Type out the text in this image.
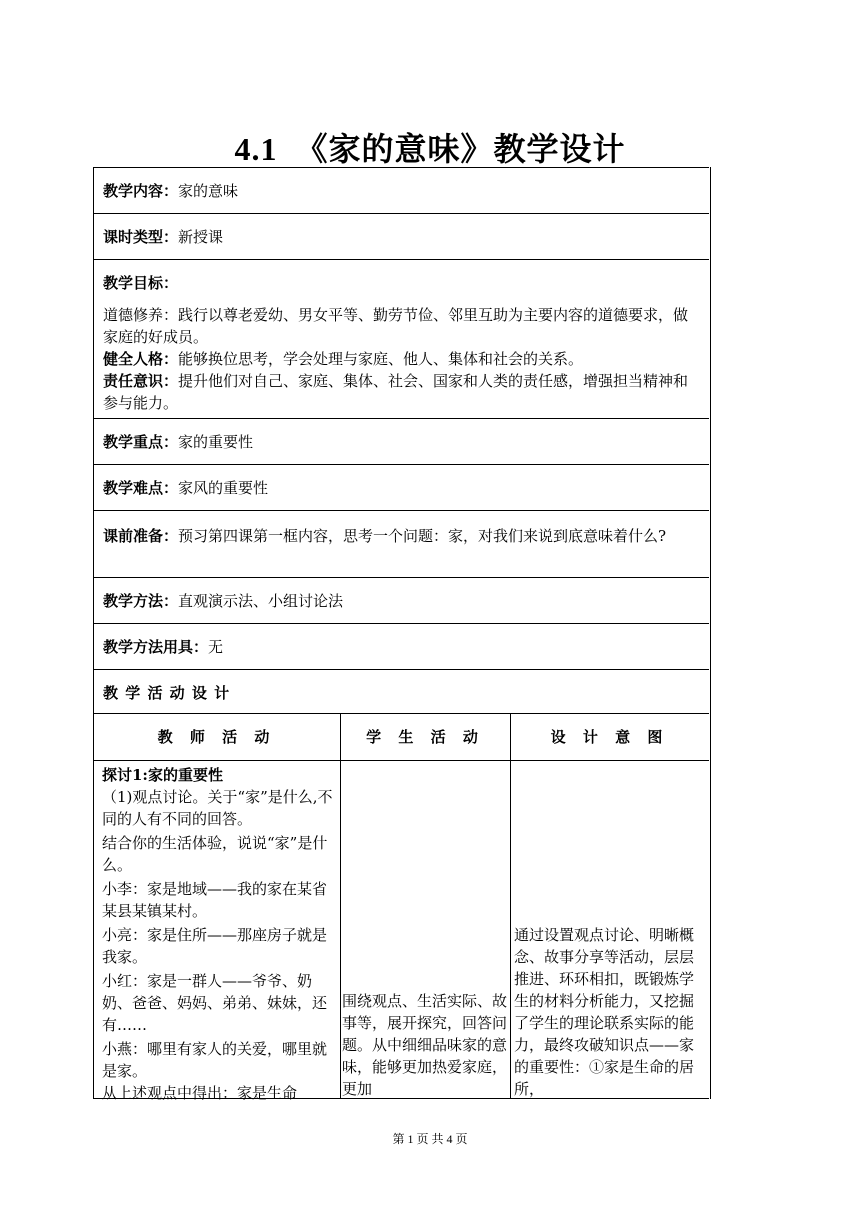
4.1 《家的意味》教学设计
教学内容：家的意味
课时类型：新授课
教学目标：
道德修养：践行以尊老爱幼、男女平等、勤劳节俭、邻里互助为主要内容的道德要求，做家庭的好成员。
健全人格：能够换位思考，学会处理与家庭、他人、集体和社会的关系。
责任意识：提升他们对自己、家庭、集体、社会、国家和人类的责任感，增强担当精神和参与能力。
教学重点：家的重要性
教学难点：家风的重要性
课前准备：预习第四课第一框内容，思考一个问题：家，对我们来说到底意味着什么?
教学方法：直观演示法、小组讨论法
教学方法用具：无
教 学 活 动 设 计
教 师 活 动	学 生 活 动	设 计 意 图

探讨1:家的重要性

（1)观点讨论。关于“家”是什么,不同的人有不同的回答。

结合你的生活体验，说说“家”是什么。

小李：家是地域——我的家在某省某县某镇某村。

小亮：家是住所——那座房子就是我家。

小红：家是一群人——爷爷、奶奶、爸爸、妈妈、弟弟、妹妹，还有……

小燕：哪里有家人的关爱，哪里就是家。

从上述观点中得出：家是生命

围绕观点、生活实际、故事等，展开探究，回答问题。从中细细品味家的意味，能够更加热爱家庭，更加

通过设置观点讨论、明晰概念、故事分享等活动，层层推进、环环相扣，既锻炼学生的材料分析能力，又挖掘了学生的理论联系实际的能力，最终攻破知识点——家的重要性：①家是生命的居所，

第 1 页 共 4 页
